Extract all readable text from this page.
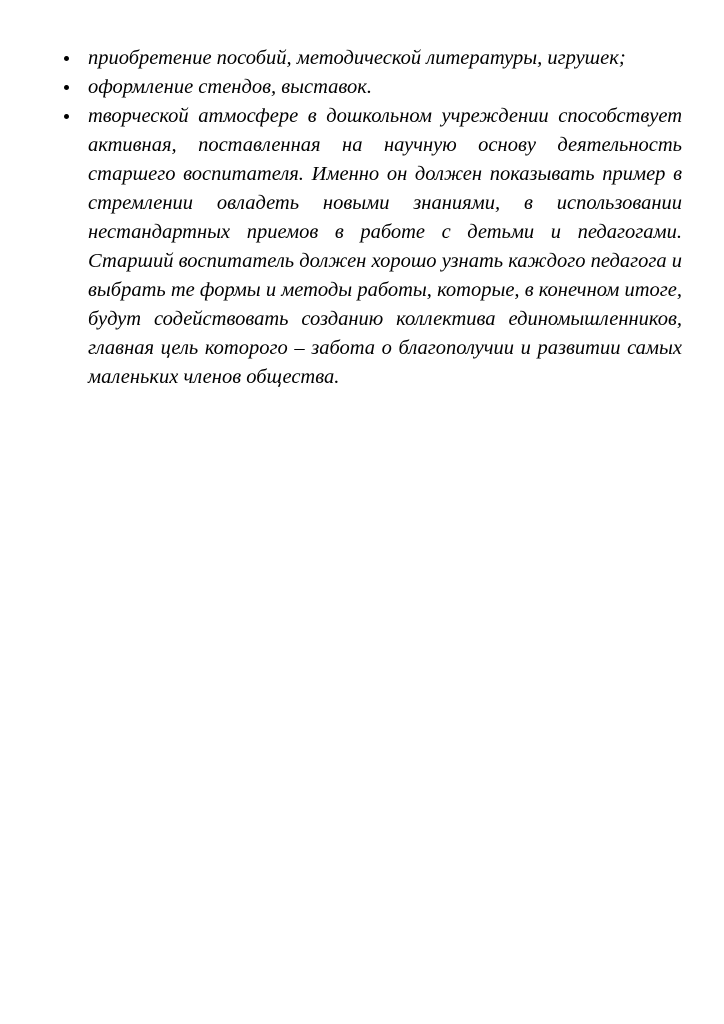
приобретение пособий, методической литературы, игрушек;
оформление стендов, выставок.
творческой атмосфере в дошкольном учреждении способствует активная, поставленная на научную основу деятельность старшего воспитателя. Именно он должен показывать пример в стремлении овладеть новыми знаниями, в использовании нестандартных приемов в работе с детьми и педагогами. Старший воспитатель должен хорошо узнать каждого педагога и выбрать те формы и методы работы, которые, в конечном итоге, будут содействовать созданию коллектива единомышленников, главная цель которого – забота о благополучии и развитии самых маленьких членов общества.
